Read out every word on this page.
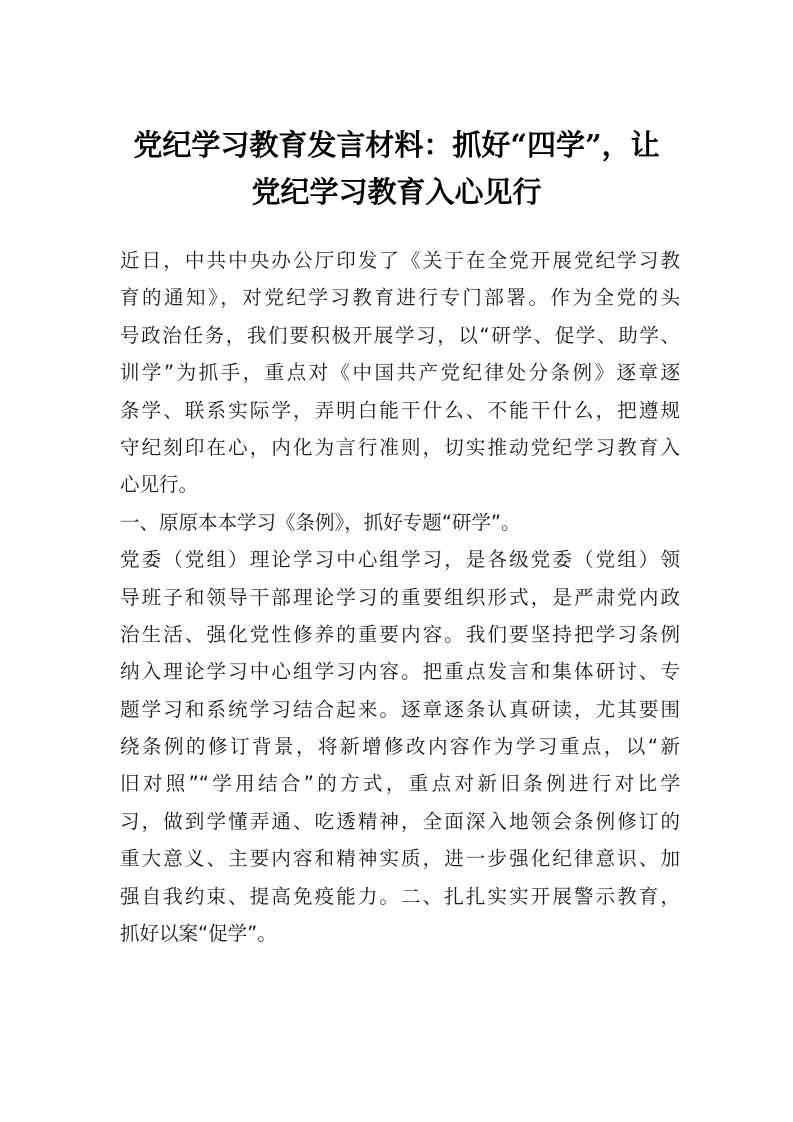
党纪学习教育发言材料：抓好“四学”，让
党纪学习教育入心见行
近日，中共中央办公厅印发了《关于在全党开展党纪学习教
育的通知》，对党纪学习教育进行专门部署。作为全党的头
号政治任务，我们要积极开展学习，以“研学、促学、助学、
训学”为抓手，重点对《中国共产党纪律处分条例》逐章逐
条学、联系实际学，弄明白能干什么、不能干什么，把遵规
守纪刻印在心，内化为言行准则，切实推动党纪学习教育入
心见行。
一、原原本本学习《条例》，抓好专题“研学”。
党委（党组）理论学习中心组学习，是各级党委（党组）领
导班子和领导干部理论学习的重要组织形式，是严肃党内政
治生活、强化党性修养的重要内容。我们要坚持把学习条例
纳入理论学习中心组学习内容。把重点发言和集体研讨、专
题学习和系统学习结合起来。逐章逐条认真研读，尤其要围
绕条例的修订背景，将新增修改内容作为学习重点，以“新
旧对照”“学用结合”的方式，重点对新旧条例进行对比学
习，做到学懂弄通、吃透精神，全面深入地领会条例修订的
重大意义、主要内容和精神实质，进一步强化纪律意识、加
强自我约束、提高免疫能力。二、扎扎实实开展警示教育，
抓好以案“促学”。
